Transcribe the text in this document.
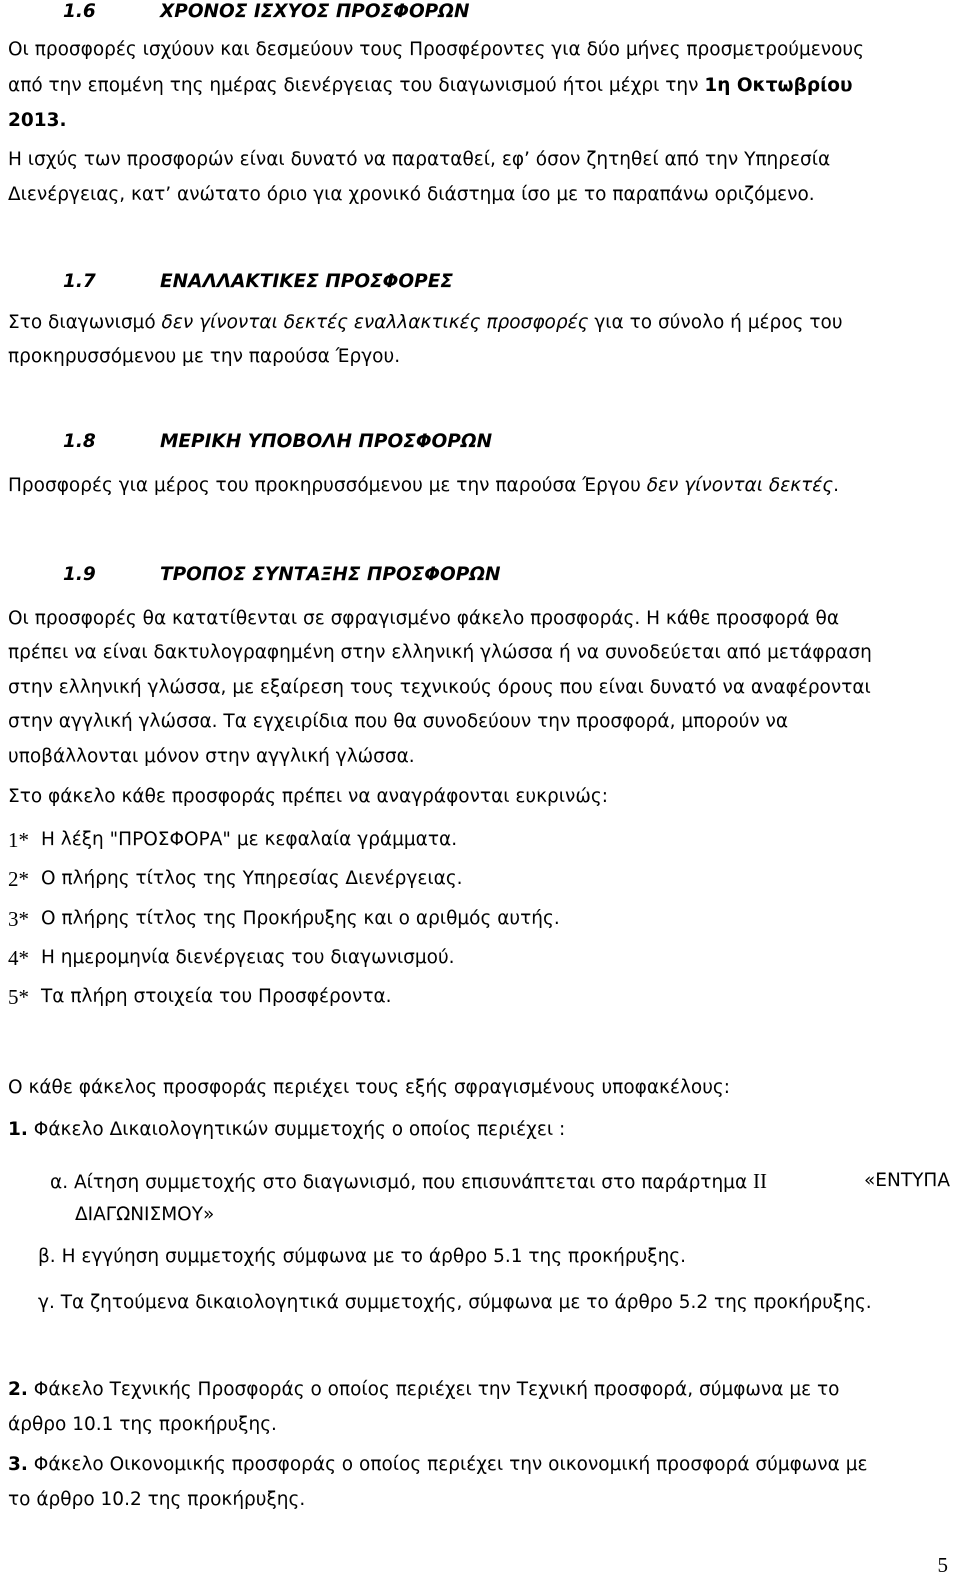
1.6	ΧΡΟΝΟΣ ΙΣΧΥΟΣ ΠΡΟΣΦΟΡΩΝ
Οι προσφορές ισχύουν και δεσμεύουν τους Προσφέροντες για δύο μήνες προσμετρούμενους
από την επομένη της ημέρας διενέργειας του διαγωνισμού ήτοι μέχρι την 1η Οκτωβρίου
2013.
Η ισχύς των προσφορών είναι δυνατό να παραταθεί, εφ’ όσον ζητηθεί από την Υπηρεσία
Διενέργειας, κατ’ ανώτατο όριο για χρονικό διάστημα ίσο με το παραπάνω οριζόμενο.
1.7	ΕΝΑΛΛΑΚΤΙΚΕΣ ΠΡΟΣΦΟΡΕΣ
Στο διαγωνισμό δεν γίνονται δεκτές εναλλακτικές προσφορές για το σύνολο ή μέρος του
προκηρυσσόμενου με την παρούσα Έργου.
1.8	ΜΕΡΙΚΗ ΥΠΟΒΟΛΗ ΠΡΟΣΦΟΡΩΝ
Προσφορές για μέρος του προκηρυσσόμενου με την παρούσα Έργου δεν γίνονται δεκτές.
1.9	ΤΡΟΠΟΣ ΣΥΝΤΑΞΗΣ ΠΡΟΣΦΟΡΩΝ
Οι προσφορές θα κατατίθενται σε σφραγισμένο φάκελο προσφοράς. Η κάθε προσφορά θα
πρέπει να είναι δακτυλογραφημένη στην ελληνική γλώσσα ή να συνοδεύεται από μετάφραση
στην ελληνική γλώσσα, με εξαίρεση τους τεχνικούς όρους που είναι δυνατό να αναφέρονται
στην αγγλική γλώσσα. Τα εγχειρίδια που θα συνοδεύουν την προσφορά, μπορούν να
υποβάλλονται μόνον στην αγγλική γλώσσα.
Στο φάκελο κάθε προσφοράς πρέπει να αναγράφονται ευκρινώς:
1* Η λέξη "ΠΡΟΣΦΟΡΑ" με κεφαλαία γράμματα.
2* Ο πλήρης τίτλος της Υπηρεσίας Διενέργειας.
3* Ο πλήρης τίτλος της Προκήρυξης και ο αριθμός αυτής.
4* Η ημερομηνία διενέργειας του διαγωνισμού.
5* Τα πλήρη στοιχεία του Προσφέροντα.
Ο κάθε φάκελος προσφοράς περιέχει τους εξής σφραγισμένους υποφακέλους:
1. Φάκελο Δικαιολογητικών συμμετοχής ο οποίος περιέχει :
α. Αίτηση συμμετοχής στο διαγωνισμό, που επισυνάπτεται στο παράρτημα ΙΙ	«ΕΝΤΥΠΑ
ΔΙΑΓΩΝΙΣΜΟΥ»
β. Η εγγύηση συμμετοχής σύμφωνα με το άρθρο 5.1 της προκήρυξης.
γ. Τα ζητούμενα δικαιολογητικά συμμετοχής, σύμφωνα με το άρθρο 5.2 της προκήρυξης.
2. Φάκελο Τεχνικής Προσφοράς ο οποίος περιέχει την Τεχνική προσφορά, σύμφωνα με το
άρθρο 10.1 της προκήρυξης.
3. Φάκελο Οικονομικής προσφοράς ο οποίος περιέχει την οικονομική προσφορά σύμφωνα με
το άρθρο 10.2 της προκήρυξης.
5
